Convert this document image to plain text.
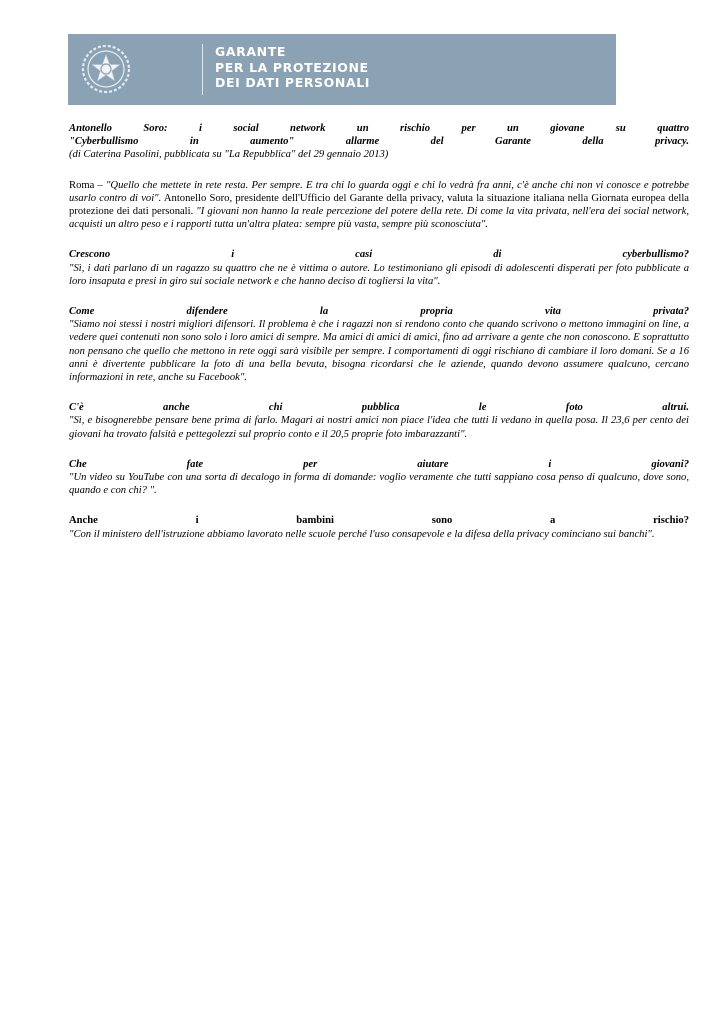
GARANTE
PER LA PROTEZIONE
DEI DATI PERSONALI
Antonello Soro: i social network un rischio per un giovane su quattro
"Cyberbullismo in aumento" allarme del Garante della privacy.
(di Caterina Pasolini, pubblicata su "La Repubblica" del 29 gennaio 2013)

Roma – "Quello che mettete in rete resta. Per sempre. E tra chi lo guarda oggi e chi lo vedrà fra anni, c'è anche chi non vi conosce e potrebbe usarlo contro di voi". Antonello Soro, presidente dell'Ufficio del Garante della privacy, valuta la situazione italiana nella Giornata europea della protezione dei dati personali. "I giovani non hanno la reale percezione del potere della rete. Di come la vita privata, nell'era dei social network, acquisti un altro peso e i rapporti tutta un'altra platea: sempre più vasta, sempre più sconosciuta".

Crescono i casi di cyberbullismo?

"Sì, i dati parlano di un ragazzo su quattro che ne è vittima o autore. Lo testimoniano gli episodi di adolescenti disperati per foto pubblicate a loro insaputa e presi in giro sui sociale network e che hanno deciso di togliersi la vita".

Come difendere la propria vita privata?

"Siamo noi stessi i nostri migliori difensori. Il problema è che i ragazzi non si rendono conto che quando scrivono o mettono immagini on line, a vedere quei contenuti non sono solo i loro amici di sempre. Ma amici di amici di amici, fino ad arrivare a gente che non conoscono. E soprattutto non pensano che quello che mettono in rete oggi sarà visibile per sempre. I comportamenti di oggi rischiano di cambiare il loro domani. Se a 16 anni è divertente pubblicare la foto di una bella bevuta, bisogna ricordarsi che le aziende, quando devono assumere qualcuno, cercano informazioni in rete, anche su Facebook".

C'è anche chi pubblica le foto altrui.

"Sì, e bisognerebbe pensare bene prima di farlo. Magari ai nostri amici non piace l'idea che tutti li vedano in quella posa. Il 23,6 per cento dei giovani ha trovato falsità e pettegolezzi sul proprio conto e il 20,5 proprie foto imbarazzanti".

Che fate per aiutare i giovani?

"Un video su YouTube con una sorta di decalogo in forma di domande: voglio veramente che tutti sappiano cosa penso di qualcuno, dove sono, quando e con chi? ".

Anche i bambini sono a rischio?

"Con il ministero dell'istruzione abbiamo lavorato nelle scuole perché l'uso consapevole e la difesa della privacy cominciano sui banchi".
